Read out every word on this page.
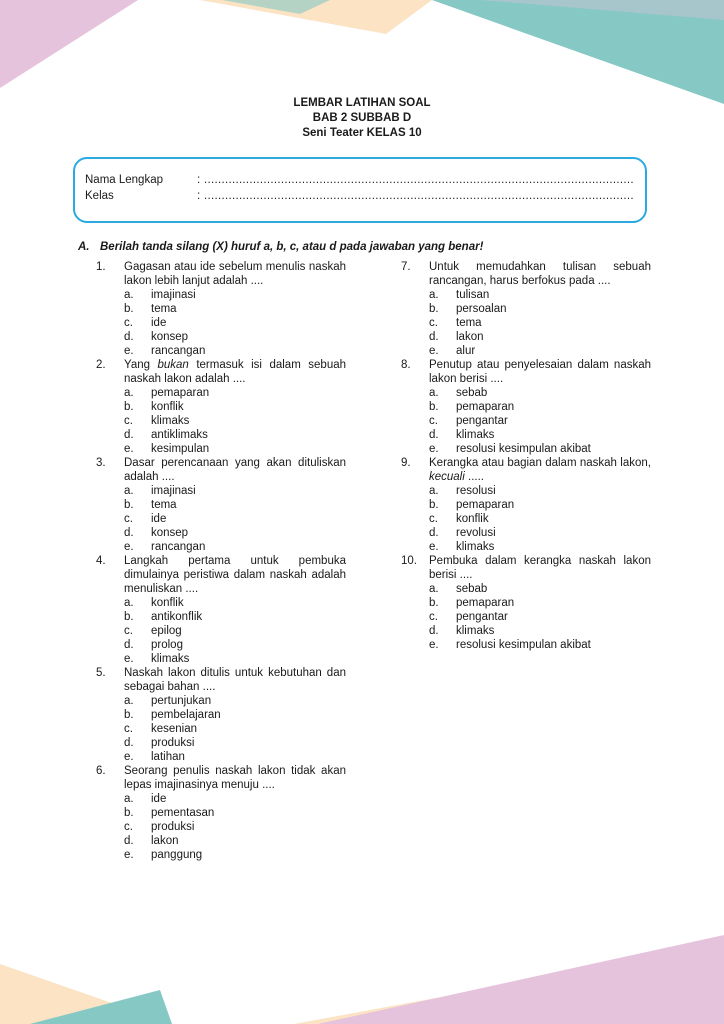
LEMBAR LATIHAN SOAL
BAB 2 SUBBAB D
Seni Teater KELAS 10
Nama Lengkap	: ...........................................................................................................................
Kelas	: ...........................................................................................................................
A. Berilah tanda silang (X) huruf a, b, c, atau d pada jawaban yang benar!
1.	Gagasan atau ide sebelum menulis naskah lakon lebih lanjut adalah ....
a.	imajinasi
b.	tema
c.	ide
d.	konsep
e.	rancangan
2.	Yang bukan termasuk isi dalam sebuah naskah lakon adalah ....
a.	pemaparan
b.	konflik
c.	klimaks
d.	antiklimaks
e.	kesimpulan
3.	Dasar perencanaan yang akan dituliskan adalah ....
a.	imajinasi
b.	tema
c.	ide
d.	konsep
e.	rancangan
4.	Langkah pertama untuk pembuka dimulainya peristiwa dalam naskah adalah menuliskan ....
a.	konflik
b.	antikonflik
c.	epilog
d.	prolog
e.	klimaks
5.	Naskah lakon ditulis untuk kebutuhan dan sebagai bahan ....
a.	pertunjukan
b.	pembelajaran
c.	kesenian
d.	produksi
e.	latihan
6.	Seorang penulis naskah lakon tidak akan lepas imajinasinya menuju ....
a.	ide
b.	pementasan
c.	produksi
d.	lakon
e.	panggung
7.	Untuk memudahkan tulisan sebuah rancangan, harus berfokus pada ....
a.	tulisan
b.	persoalan
c.	tema
d.	lakon
e.	alur
8.	Penutup atau penyelesaian dalam naskah lakon berisi ....
a.	sebab
b.	pemaparan
c.	pengantar
d.	klimaks
e.	resolusi kesimpulan akibat
9.	Kerangka atau bagian dalam naskah lakon, kecuali .....
a.	resolusi
b.	pemaparan
c.	konflik
d.	revolusi
e.	klimaks
10.	Pembuka dalam kerangka naskah lakon berisi ....
a.	sebab
b.	pemaparan
c.	pengantar
d.	klimaks
e.	resolusi kesimpulan akibat
